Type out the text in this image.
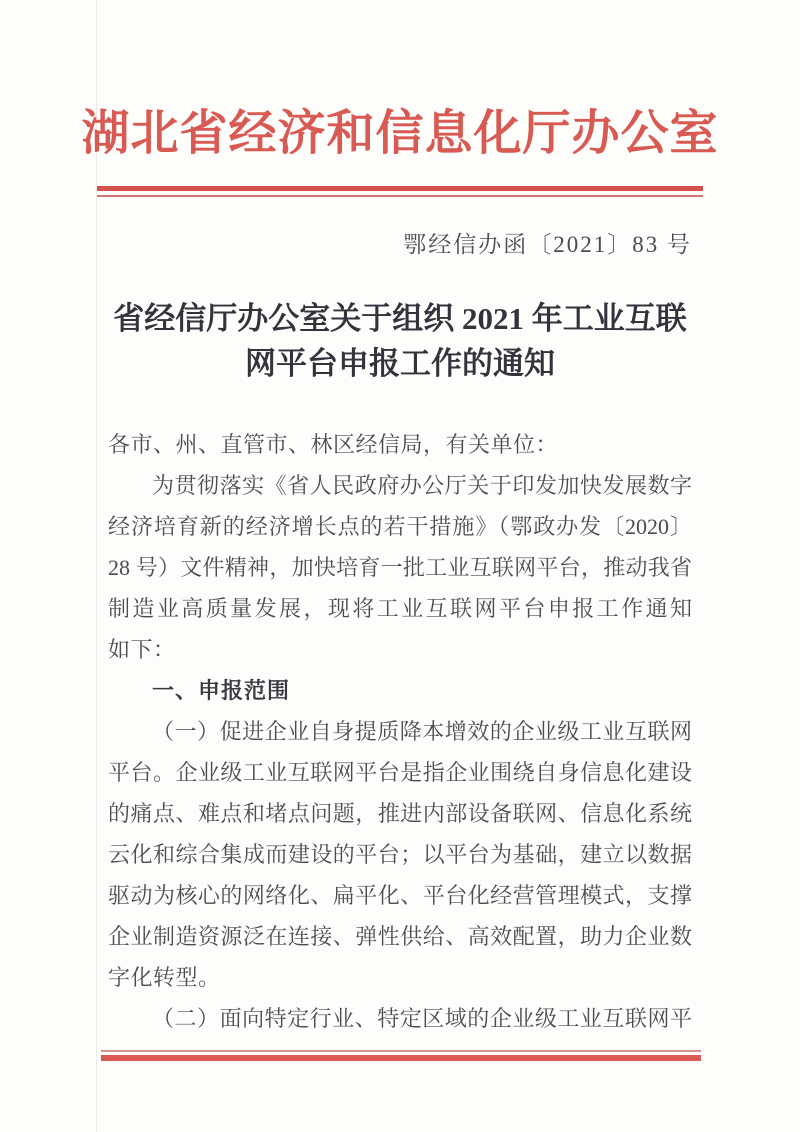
湖北省经济和信息化厅办公室
鄂经信办函〔2021〕83 号
省经信厅办公室关于组织 2021 年工业互联
网平台申报工作的通知
各市、州、直管市、林区经信局，有关单位：
为贯彻落实《省人民政府办公厅关于印发加快发展数字
经济培育新的经济增长点的若干措施》（鄂政办发〔2020〕
28 号）文件精神，加快培育一批工业互联网平台，推动我省
制造业高质量发展，现将工业互联网平台申报工作通知
如下：
一、申报范围
（一）促进企业自身提质降本增效的企业级工业互联网
平台。企业级工业互联网平台是指企业围绕自身信息化建设
的痛点、难点和堵点问题，推进内部设备联网、信息化系统
云化和综合集成而建设的平台；以平台为基础，建立以数据
驱动为核心的网络化、扁平化、平台化经营管理模式，支撑
企业制造资源泛在连接、弹性供给、高效配置，助力企业数
字化转型。
（二）面向特定行业、特定区域的企业级工业互联网平
